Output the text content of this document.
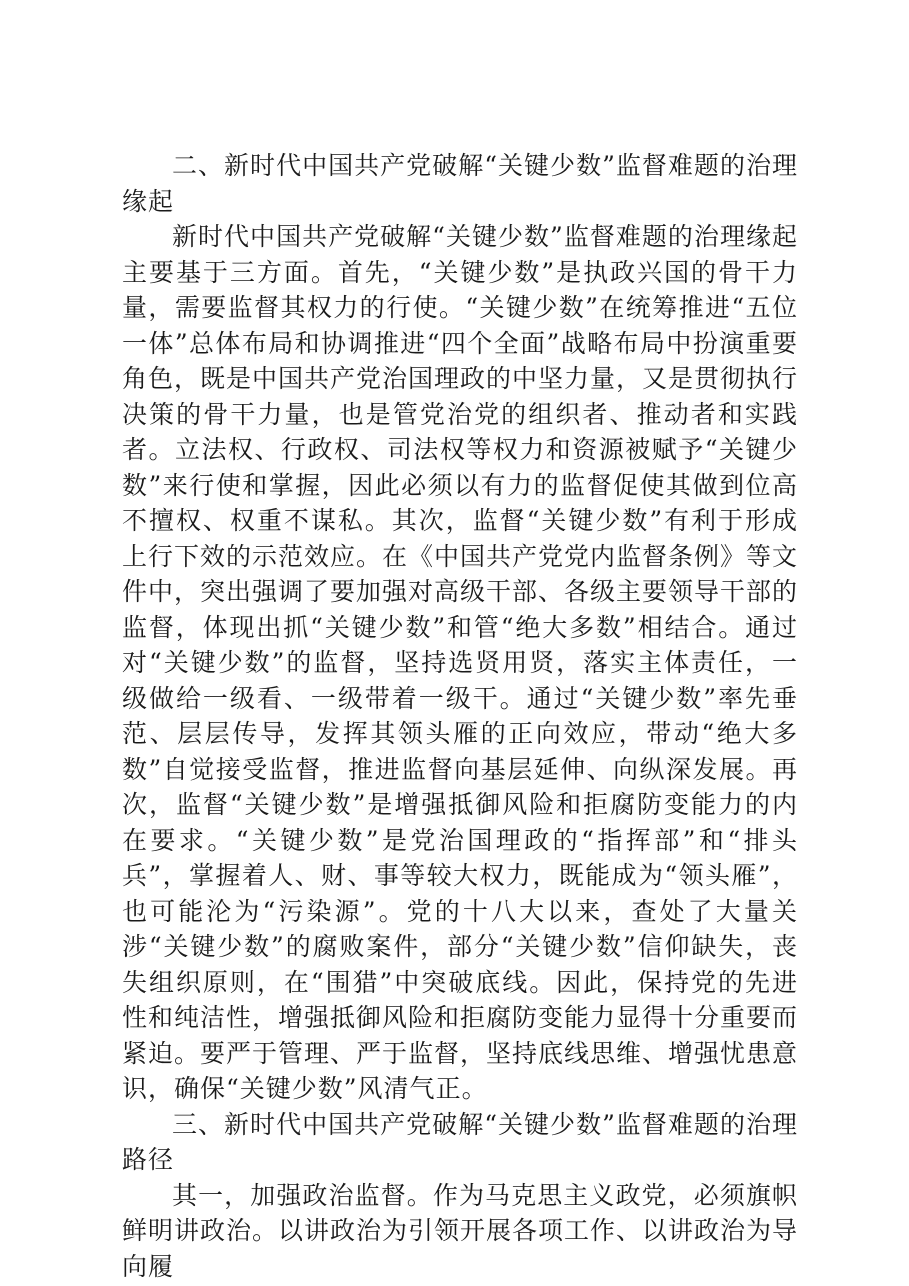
二、新时代中国共产党破解“关键少数”监督难题的治理缘起

新时代中国共产党破解“关键少数”监督难题的治理缘起主要基于三方面。首先，“关键少数”是执政兴国的骨干力量，需要监督其权力的行使。“关键少数”在统筹推进“五位一体”总体布局和协调推进“四个全面”战略布局中扮演重要角色，既是中国共产党治国理政的中坚力量，又是贯彻执行决策的骨干力量，也是管党治党的组织者、推动者和实践者。立法权、行政权、司法权等权力和资源被赋予“关键少数”来行使和掌握，因此必须以有力的监督促使其做到位高不擅权、权重不谋私。其次，监督“关键少数”有利于形成上行下效的示范效应。在《中国共产党党内监督条例》等文件中，突出强调了要加强对高级干部、各级主要领导干部的监督，体现出抓“关键少数”和管“绝大多数”相结合。通过对“关键少数”的监督，坚持选贤用贤，落实主体责任，一级做给一级看、一级带着一级干。通过“关键少数”率先垂范、层层传导，发挥其领头雁的正向效应，带动“绝大多数”自觉接受监督，推进监督向基层延伸、向纵深发展。再次，监督“关键少数”是增强抵御风险和拒腐防变能力的内在要求。“关键少数”是党治国理政的“指挥部”和“排头兵”，掌握着人、财、事等较大权力，既能成为“领头雁”，也可能沦为“污染源”。党的十八大以来，查处了大量关涉“关键少数”的腐败案件，部分“关键少数”信仰缺失，丧失组织原则，在“围猎”中突破底线。因此，保持党的先进性和纯洁性，增强抵御风险和拒腐防变能力显得十分重要而紧迫。要严于管理、严于监督，坚持底线思维、增强忧患意识，确保“关键少数”风清气正。

三、新时代中国共产党破解“关键少数”监督难题的治理路径

其一，加强政治监督。作为马克思主义政党，必须旗帜鲜明讲政治。以讲政治为引领开展各项工作、以讲政治为导向履
